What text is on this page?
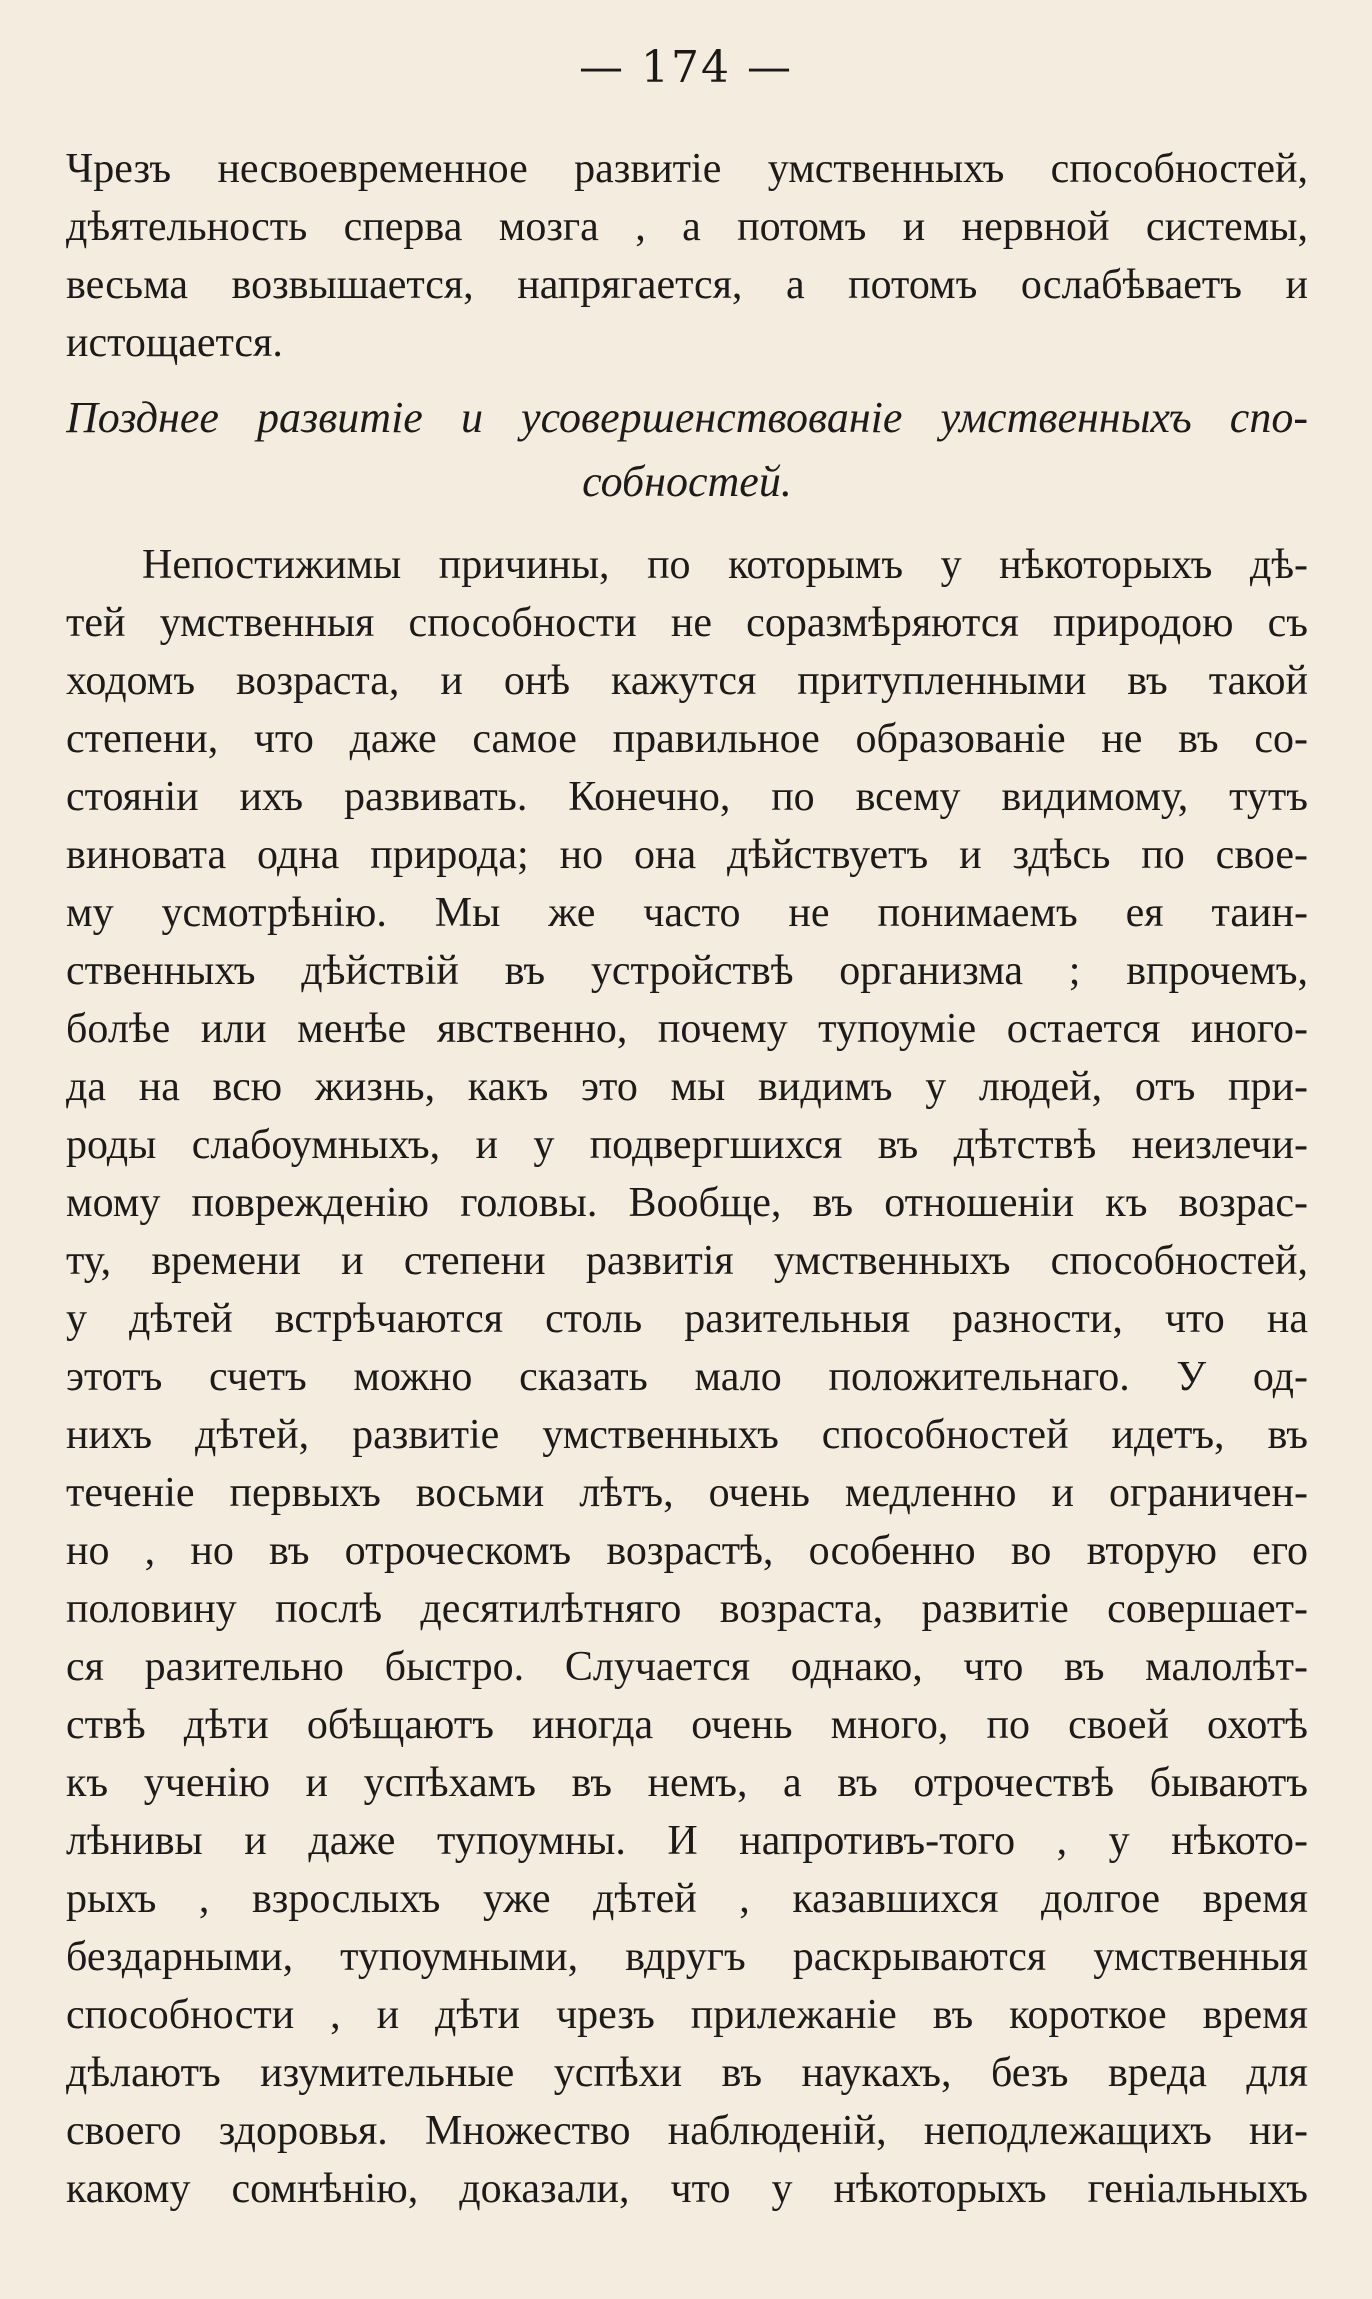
— 174 —
Чрезъ несвоевременное развитіе умственныхъ способностей,
дѣятельность сперва мозга , а потомъ и нервной системы,
весьма возвышается, напрягается, а потомъ ослабѣваетъ и
истощается.
Позднее развитіе и усовершенствованіе умственныхъ спо-
собностей.
Непостижимы причины, по которымъ у нѣкоторыхъ дѣ-
тей умственныя способности не соразмѣряются природою съ
ходомъ возраста, и онѣ кажутся притупленными въ такой
степени, что даже самое правильное образованіе не въ со-
стояніи ихъ развивать. Конечно, по всему видимому, тутъ
виновата одна природа; но она дѣйствуетъ и здѣсь по свое-
му усмотрѣнію. Мы же часто не понимаемъ ея таин-
ственныхъ дѣйствій въ устройствѣ организма ; впрочемъ,
болѣе или менѣе явственно, почему тупоуміе остается иного-
да на всю жизнь, какъ это мы видимъ у людей, отъ при-
роды слабоумныхъ, и у подвергшихся въ дѣтствѣ неизлечи-
мому поврежденію головы. Вообще, въ отношеніи къ возрас-
ту, времени и степени развитія умственныхъ способностей,
у дѣтей встрѣчаются столь разительныя разности, что на
этотъ счетъ можно сказать мало положительнаго. У од-
нихъ дѣтей, развитіе умственныхъ способностей идетъ, въ
теченіе первыхъ восьми лѣтъ, очень медленно и ограничен-
но , но въ отроческомъ возрастѣ, особенно во вторую его
половину послѣ десятилѣтняго возраста, развитіе совершает-
ся разительно быстро. Случается однако, что въ малолѣт-
ствѣ дѣти обѣщаютъ иногда очень много, по своей охотѣ
къ ученію и успѣхамъ въ немъ, а въ отрочествѣ бываютъ
лѣнивы и даже тупоумны. И напротивъ-того , у нѣкото-
рыхъ , взрослыхъ уже дѣтей , казавшихся долгое время
бездарными, тупоумными, вдругъ раскрываются умственныя
способности , и дѣти чрезъ прилежаніе въ короткое время
дѣлаютъ изумительные успѣхи въ наукахъ, безъ вреда для
своего здоровья. Множество наблюденій, неподлежащихъ ни-
какому сомнѣнію, доказали, что у нѣкоторыхъ геніальныхъ
